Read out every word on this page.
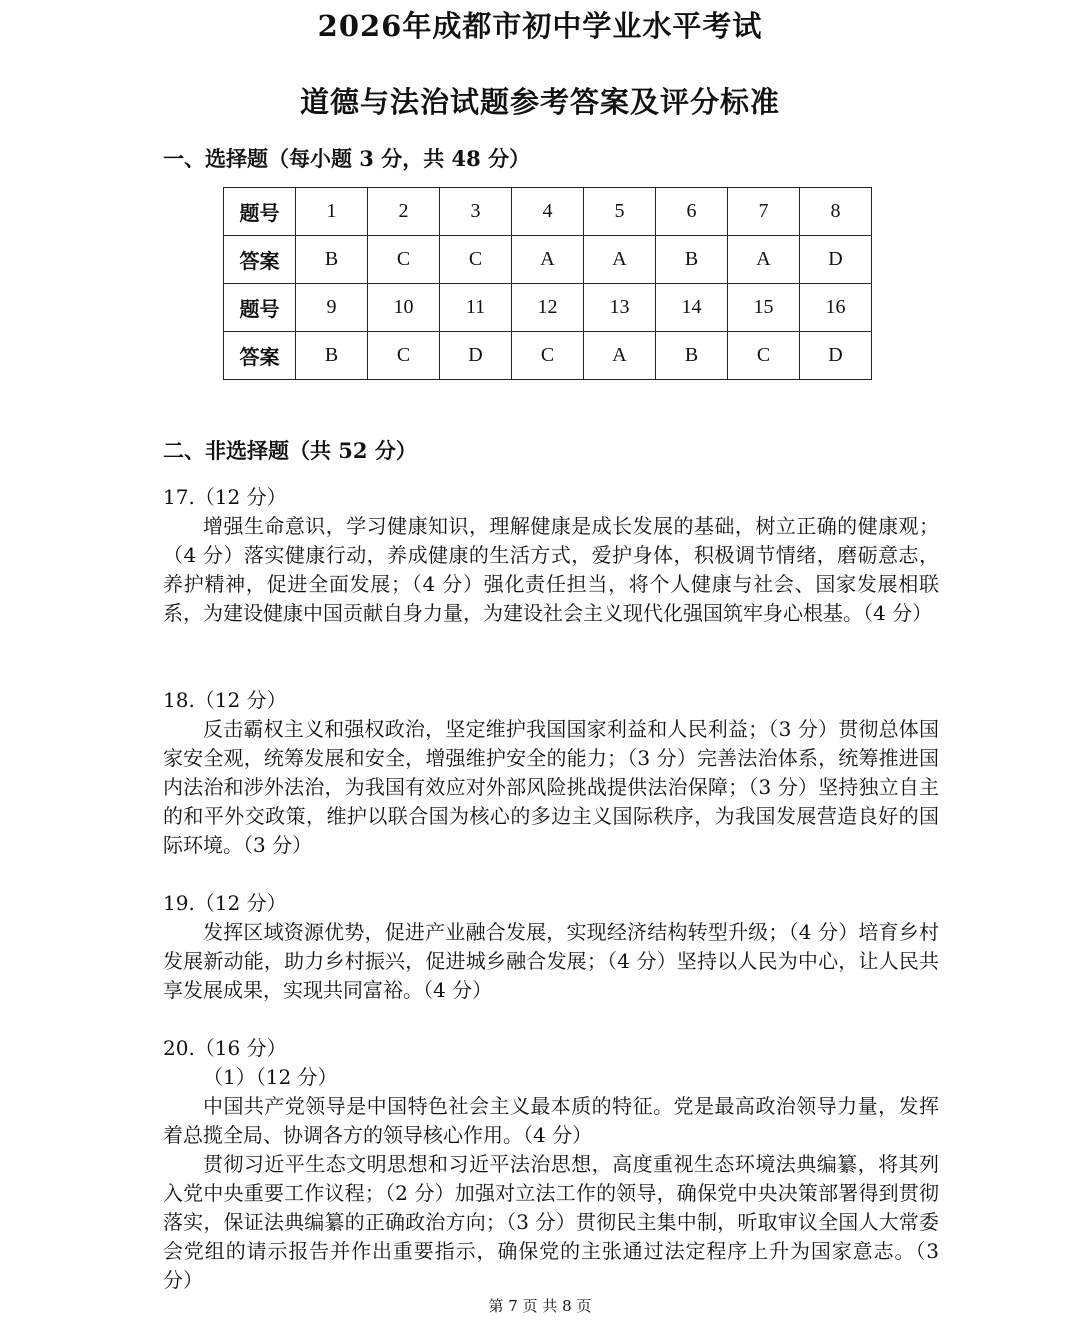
2026年成都市初中学业水平考试
道德与法治试题参考答案及评分标准
一、选择题（每小题 3 分，共 48 分）
题号	1	2	3	4	5	6	7	8
答案	B	C	C	A	A	B	A	D
题号	9	10	11	12	13	14	15	16
答案	B	C	D	C	A	B	C	D
二、非选择题（共 52 分）
17.（12 分）
增强生命意识，学习健康知识，理解健康是成长发展的基础，树立正确的健康观；（4 分）落实健康行动，养成健康的生活方式，爱护身体，积极调节情绪，磨砺意志，养护精神，促进全面发展；（4 分）强化责任担当，将个人健康与社会、国家发展相联系，为建设健康中国贡献自身力量，为建设社会主义现代化强国筑牢身心根基。（4 分）
18.（12 分）
反击霸权主义和强权政治，坚定维护我国国家利益和人民利益；（3 分）贯彻总体国家安全观，统筹发展和安全，增强维护安全的能力；（3 分）完善法治体系，统筹推进国内法治和涉外法治，为我国有效应对外部风险挑战提供法治保障；（3 分）坚持独立自主的和平外交政策，维护以联合国为核心的多边主义国际秩序，为我国发展营造良好的国际环境。（3 分）
19.（12 分）
发挥区域资源优势，促进产业融合发展，实现经济结构转型升级；（4 分）培育乡村发展新动能，助力乡村振兴，促进城乡融合发展；（4 分）坚持以人民为中心，让人民共享发展成果，实现共同富裕。（4 分）
20.（16 分）
（1）（12 分）
中国共产党领导是中国特色社会主义最本质的特征。党是最高政治领导力量，发挥着总揽全局、协调各方的领导核心作用。（4 分）
贯彻习近平生态文明思想和习近平法治思想，高度重视生态环境法典编纂，将其列入党中央重要工作议程；（2 分）加强对立法工作的领导，确保党中央决策部署得到贯彻落实，保证法典编纂的正确政治方向；（3 分）贯彻民主集中制，听取审议全国人大常委会党组的请示报告并作出重要指示，确保党的主张通过法定程序上升为国家意志。（3 分）
第 7 页 共 8 页
